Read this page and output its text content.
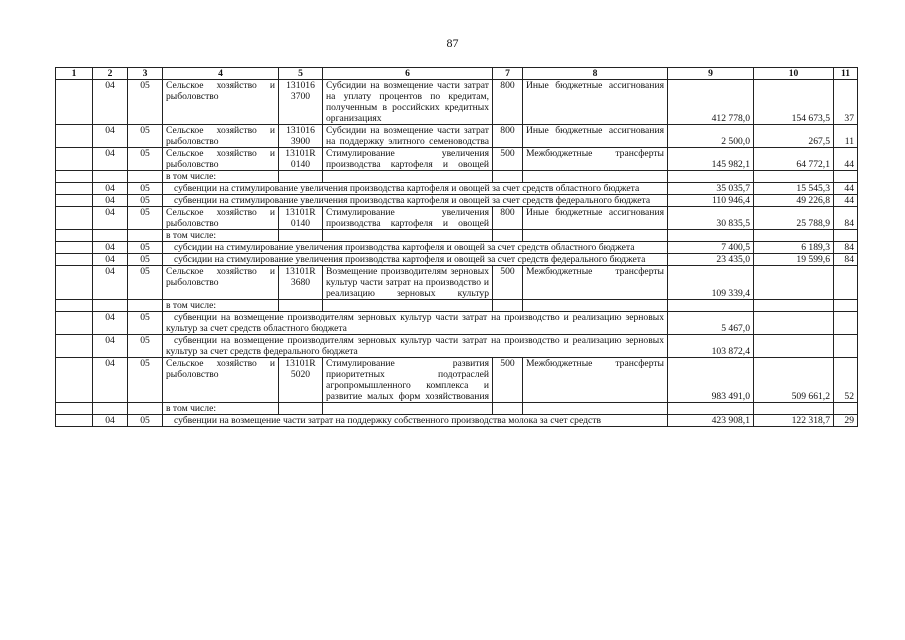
87
1	2	3	4	5	6	7	8	9	10	11
	04	05	Сельское хозяйство и рыболовство	131016 3700	Субсидии на возмещение части затрат на уплату процентов по кредитам, полученным в российских кредитных организациях	800	Иные бюджетные ассигнования	412 778,0	154 673,5	37
	04	05	Сельское хозяйство и рыболовство	131016 3900	Субсидии на возмещение части затрат на поддержку элитного семеноводства	800	Иные бюджетные ассигнования	2 500,0	267,5	11
	04	05	Сельское хозяйство и рыболовство	13101R 0140	Стимулирование увеличения производства картофеля и овощей	500	Межбюджетные трансферты	145 982,1	64 772,1	44
			в том числе:							
	04	05	субвенции на стимулирование увеличения производства картофеля и овощей за счет средств областного бюджета					35 035,7	15 545,3	44
	04	05	субвенции на стимулирование увеличения производства картофеля и овощей за счет средств федерального бюджета					110 946,4	49 226,8	44
	04	05	Сельское хозяйство и рыболовство	13101R 0140	Стимулирование увеличения производства картофеля и овощей	800	Иные бюджетные ассигнования	30 835,5	25 788,9	84
			в том числе:							
	04	05	субсидии на стимулирование увеличения производства картофеля и овощей за счет средств областного бюджета					7 400,5	6 189,3	84
	04	05	субсидии на стимулирование увеличения производства картофеля и овощей за счет средств федерального бюджета					23 435,0	19 599,6	84
	04	05	Сельское хозяйство и рыболовство	13101R 3680	Возмещение производителям зерновых культур части затрат на производство и реализацию зерновых культур	500	Межбюджетные трансферты	109 339,4		
			в том числе:							
	04	05	субвенции на возмещение производителям зерновых культур части затрат на производство и реализацию зерновых культур за счет средств областного бюджета					5 467,0		
	04	05	субвенции на возмещение производителям зерновых культур части затрат на производство и реализацию зерновых культур за счет средств федерального бюджета					103 872,4		
	04	05	Сельское хозяйство и рыболовство	13101R 5020	Стимулирование развития приоритетных подотраслей агропромышленного комплекса и развитие малых форм хозяйствования	500	Межбюджетные трансферты	983 491,0	509 661,2	52
			в том числе:							
	04	05	субвенции на возмещение части затрат на поддержку собственного производства молока за счет средств					423 908,1	122 318,7	29
